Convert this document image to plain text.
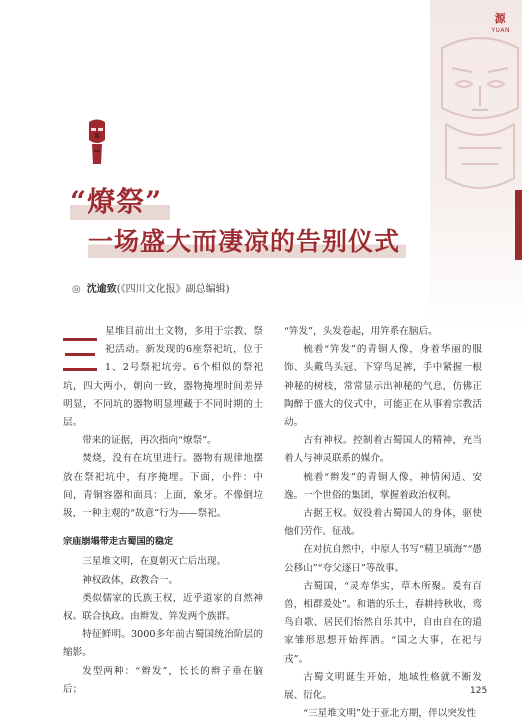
源
YUAN
“燎祭”
一场盛大而凄凉的告别仪式
◎ 沈逾致(《四川文化报》副总编辑)

星堆目前出土文物，多用于宗教、祭祀活动。新发现的6座祭祀坑，位于1、2号祭祀坑旁。6个相似的祭祀坑，四大两小，朝向一致，器物掩埋时间差异明显，不同坑的器物明显埋藏于不同时期的土层。

带来的证据，再次指向“燎祭”。

焚烧，没有在坑里进行。器物有规律地摆放在祭祀坑中，有序掩埋。下面，小件：中间，青铜容器和面具：上面，象牙。不像倒垃圾，一种主观的“故意”行为——祭祀。

宗庙崩塌带走古蜀国的稳定

三星堆文明，在夏朝灭亡后出现。

神权政体，政教合一。

类似儒家的氏族王权，近乎道家的自然神权。联合执政。由辫发、笄发两个族群。

特征鲜明。3000多年前古蜀国统治阶层的缩影。

发型两种：“辫发”，长长的辫子垂在脑后；

“笄发”，头发卷起，用笄系在脑后。

梳着“笄发”的青铜人像，身着华丽的服饰、头戴鸟头冠、下穿鸟足裤，手中紧握一根神秘的树枝，常常显示出神秘的气息，仿佛正陶醉于盛大的仪式中，可能正在从事着宗教活动。

古有神权。控制着古蜀国人的精神，充当着人与神灵联系的媒介。

梳着“辫发”的青铜人像，神情闲适、安逸。一个世俗的集团，掌握着政治权利。

古据王权。奴役着古蜀国人的身体，驱使他们劳作、征战。

在对抗自然中，中原人书写“精卫填海”“愚公移山”“夸父逐日”等故事。

古蜀国，“灵寿华实，草木所聚。爰有百兽，相群爰处”。和谐的乐土，春耕持秋收，鸾鸟自歌、居民们怡然自乐其中，自由自在的道家雏形思想开始挥洒。“国之大事，在祀与戎”。

古蜀文明诞生开始，地域性格就不断发展、衍化。

“三星堆文明”处于亚北方期，伴以突发性

125
